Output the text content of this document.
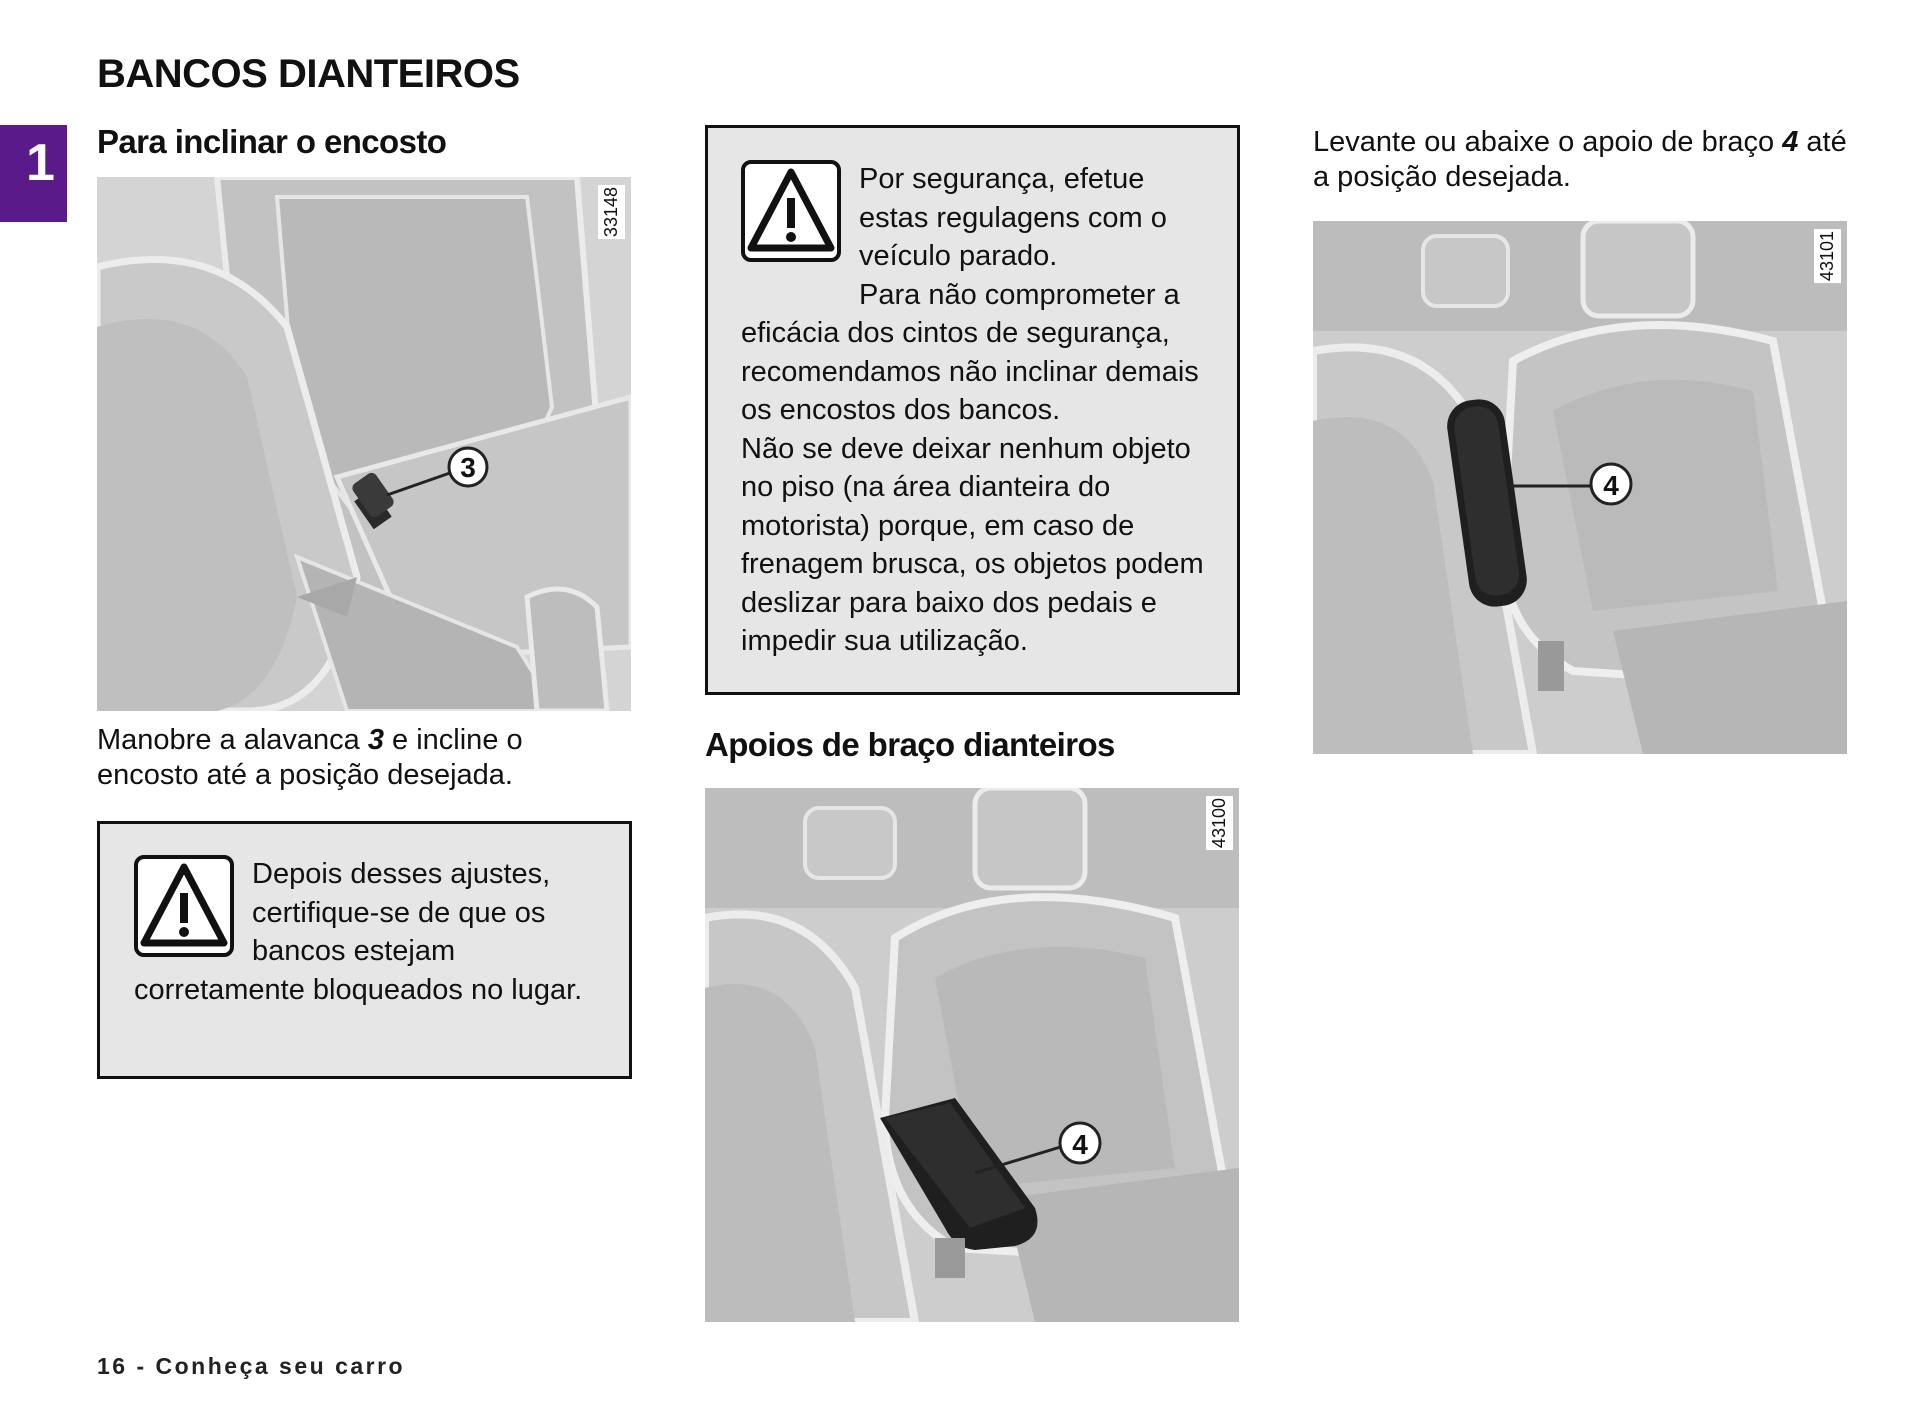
BANCOS DIANTEIROS
1 Para inclinar o encosto
3
33148

Manobre a alavanca 3 e incline o encosto até a posição desejada.

Depois desses ajustes, certifique-se de que os bancos estejam corretamente bloqueados no lugar.

Por segurança, efetue estas regulagens com o veículo parado.

Para não comprometer a eficácia dos cintos de segurança, recomendamos não inclinar demais os encostos dos bancos.

Não se deve deixar nenhum objeto no piso (na área dianteira do motorista) porque, em caso de frenagem brusca, os objetos podem deslizar para baixo dos pedais e impedir sua utilização.

Apoios de braço dianteiros
4
43100

Levante ou abaixe o apoio de braço 4 até a posição desejada.

4
43101
16 - Conheça seu carro
